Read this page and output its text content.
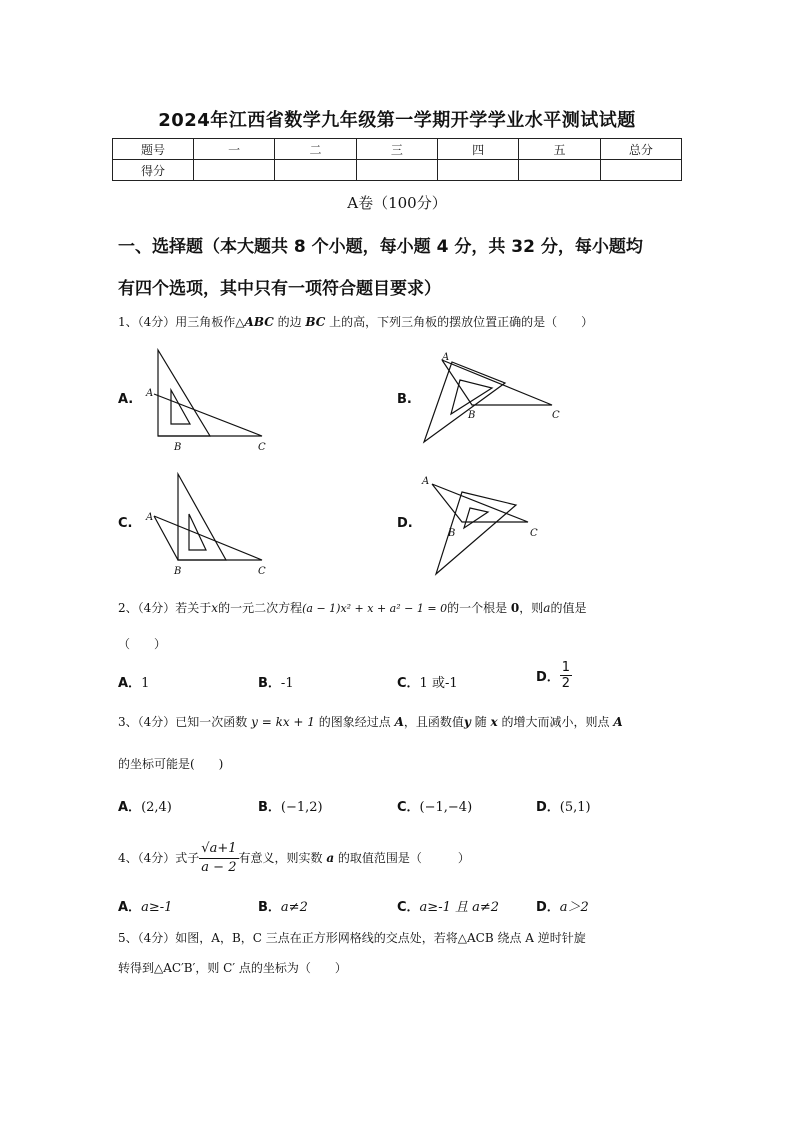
2024年江西省数学九年级第一学期开学学业水平测试试题
题号	一	二	三	四	五	总分
得分						
A卷（100分）
一、选择题（本大题共 8 个小题，每小题 4 分，共 32 分，每小题均
有四个选项，其中只有一项符合题目要求）
1、（4分）用三角板作△ABC 的边 BC 上的高，下列三角板的摆放位置正确的是（　　）
A. A
B	C
B.
A
B	C
C. A
B	C
D.
A
B	C
2、（4分）若关于x的一元二次方程(a − 1)x² + x + a² − 1 = 0的一个根是 0，则a的值是
（　　）
A．1	B．-1	C．1 或-1	D． $\frac{1}{2}$
3、（4分）已知一次函数 y = kx + 1 的图象经过点 A，且函数值y 随 x 的增大而减小，则点 A
的坐标可能是(　　)
A．(2,4)	B．(−1,2)	C．(−1,−4)	D．(5,1)
4、（4分）式子 $\frac{√a+1}{a - 2}$ 有意义，则实数 a 的取值范围是（　　　）
A．a≥-1	B．a≠2	C．a≥-1 且 a≠2	D．a＞2
5、（4分）如图，A，B，C 三点在正方形网格线的交点处，若将△ACB 绕点 A 逆时针旋
转得到△AC′B′，则 C′ 点的坐标为（　　）
